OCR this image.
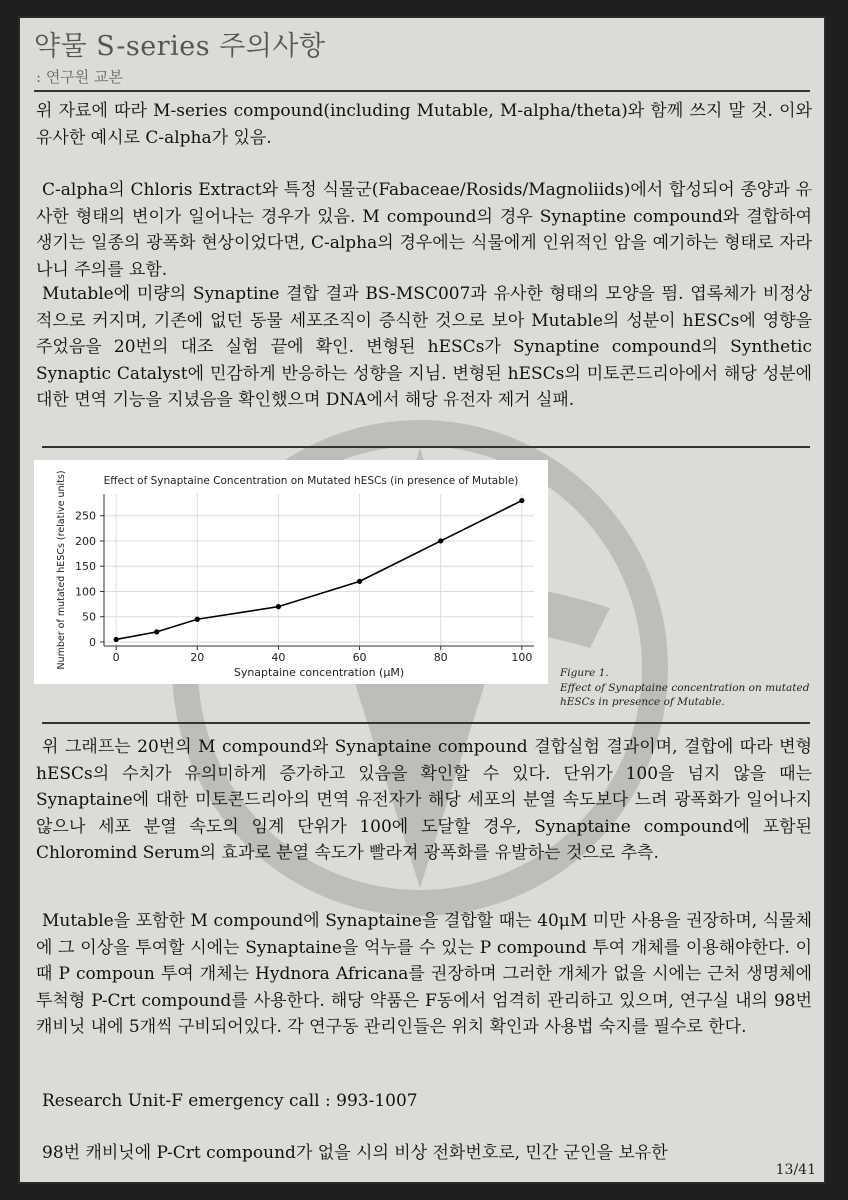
약물 S-series 주의사항
: 연구원 교본
위 자료에 따라 M-series compound(including Mutable, M-alpha/theta)와 함께 쓰지 말 것. 이와 유사한 예시로 C-alpha가 있음.
C-alpha의 Chloris Extract와 특정 식물군(Fabaceae/Rosids/Magnoliids)에서 합성되어 종양과 유사한 형태의 변이가 일어나는 경우가 있음. M compound의 경우 Synaptine compound와 결합하여 생기는 일종의 광폭화 현상이었다면, C-alpha의 경우에는 식물에게 인위적인 암을 예기하는 형태로 자라나니 주의를 요함.
Mutable에 미량의 Synaptine 결합 결과 BS-MSC007과 유사한 형태의 모양을 띔. 엽록체가 비정상적으로 커지며, 기존에 없던 동물 세포조직이 증식한 것으로 보아 Mutable의 성분이 hESCs에 영향을 주었음을 20번의 대조 실험 끝에 확인. 변형된 hESCs가 Synaptine compound의 Synthetic Synaptic Catalyst에 민감하게 반응하는 성향을 지님. 변형된 hESCs의 미토콘드리아에서 해당 성분에 대한 면역 기능을 지녔음을 확인했으며 DNA에서 해당 유전자 제거 실패.
0	20	40	60	80	100
0
50
100
150
200
250
Effect of Synaptaine Concentration on Mutated hESCs (in presence of Mutable)
Synaptaine concentration (μM)
Number of mutated hESCs (relative units)
Figure 1.
Effect of Synaptaine concentration on mutated hESCs in presence of Mutable.
위 그래프는 20번의 M compound와 Synaptaine compound 결합실험 결과이며, 결합에 따라 변형 hESCs의 수치가 유의미하게 증가하고 있음을 확인할 수 있다. 단위가 100을 넘지 않을 때는 Synaptaine에 대한 미토콘드리아의 면역 유전자가 해당 세포의 분열 속도보다 느려 광폭화가 일어나지 않으나 세포 분열 속도의 임계 단위가 100에 도달할 경우, Synaptaine compound에 포함된 Chloromind Serum의 효과로 분열 속도가 빨라져 광폭화를 유발하는 것으로 추측.
Mutable을 포함한 M compound에 Synaptaine을 결합할 때는 40μM 미만 사용을 권장하며, 식물체에 그 이상을 투여할 시에는 Synaptaine을 억누를 수 있는 P compound 투여 개체를 이용해야한다. 이때 P compoun 투여 개체는 Hydnora Africana를 권장하며 그러한 개체가 없을 시에는 근처 생명체에 투척형 P-Crt compound를 사용한다. 해당 약품은 F동에서 엄격히 관리하고 있으며, 연구실 내의 98번 캐비닛 내에 5개씩 구비되어있다. 각 연구동 관리인들은 위치 확인과 사용법 숙지를 필수로 한다.
Research Unit-F emergency call : 993-1007
98번 캐비닛에 P-Crt compound가 없을 시의 비상 전화번호로, 민간 군인을 보유한
13/41
